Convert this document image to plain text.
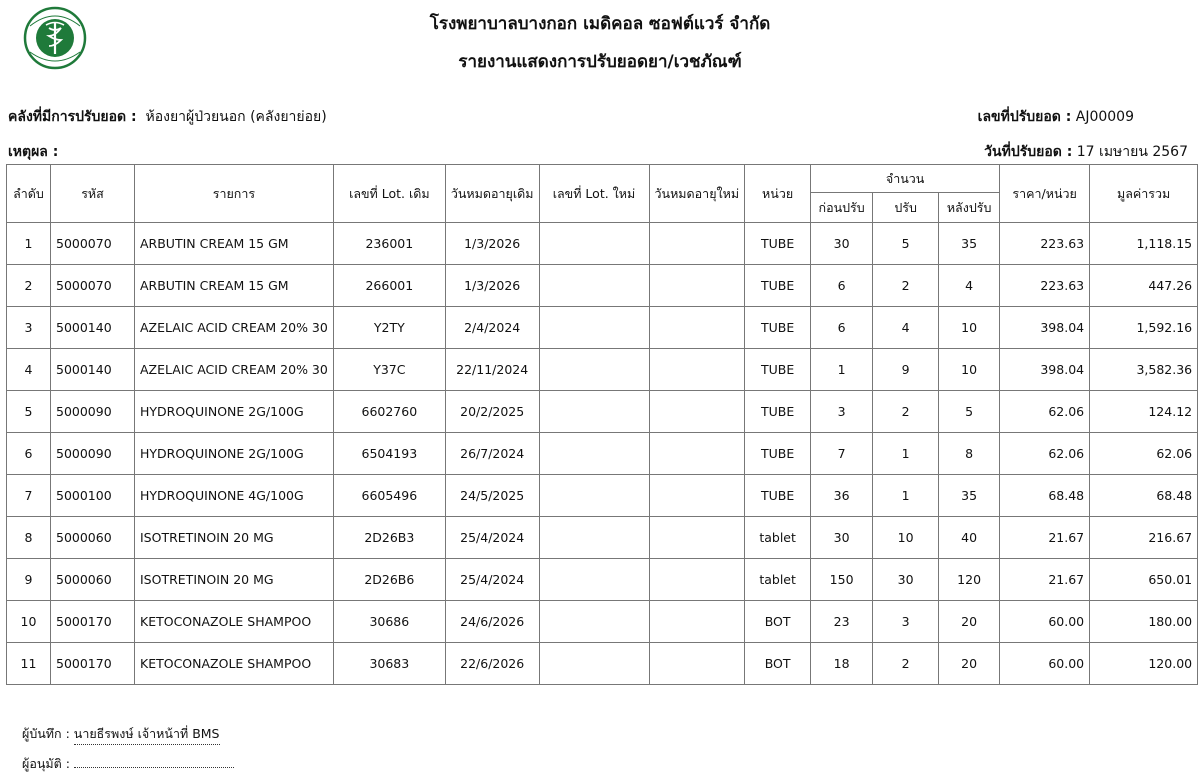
โรงพยาบาลบางกอก เมดิคอล ซอฟต์แวร์ จำกัด
รายงานแสดงการปรับยอดยา/เวชภัณฑ์
คลังที่มีการปรับยอด : ห้องยาผู้ป่วยนอก (คลังยาย่อย)
เหตุผล :
เลขที่ปรับยอด : AJ00009
วันที่ปรับยอด : 17 เมษายน 2567
ลำดับ	รหัส	รายการ	เลขที่ Lot. เดิม	วันหมดอายุเดิม	เลขที่ Lot. ใหม่	วันหมดอายุใหม่	หน่วย	จำนวน			ราคา/หน่วย	มูลค่ารวม
								ก่อนปรับ	ปรับ	หลังปรับ		
1	5000070	ARBUTIN CREAM 15 GM	236001	1/3/2026			TUBE	30	5	35	223.63	1,118.15
2	5000070	ARBUTIN CREAM 15 GM	266001	1/3/2026			TUBE	6	2	4	223.63	447.26
3	5000140	AZELAIC ACID CREAM 20% 30	Y2TY	2/4/2024			TUBE	6	4	10	398.04	1,592.16
4	5000140	AZELAIC ACID CREAM 20% 30	Y37C	22/11/2024			TUBE	1	9	10	398.04	3,582.36
5	5000090	HYDROQUINONE 2G/100G	6602760	20/2/2025			TUBE	3	2	5	62.06	124.12
6	5000090	HYDROQUINONE 2G/100G	6504193	26/7/2024			TUBE	7	1	8	62.06	62.06
7	5000100	HYDROQUINONE 4G/100G	6605496	24/5/2025			TUBE	36	1	35	68.48	68.48
8	5000060	ISOTRETINOIN 20 MG	2D26B3	25/4/2024			tablet	30	10	40	21.67	216.67
9	5000060	ISOTRETINOIN 20 MG	2D26B6	25/4/2024			tablet	150	30	120	21.67	650.01
10	5000170	KETOCONAZOLE SHAMPOO	30686	24/6/2026			BOT	23	3	20	60.00	180.00
11	5000170	KETOCONAZOLE SHAMPOO	30683	22/6/2026			BOT	18	2	20	60.00	120.00
ผู้บันทึก : นายธีรพงษ์ เจ้าหน้าที่ BMS
ผู้อนุมัติ :
